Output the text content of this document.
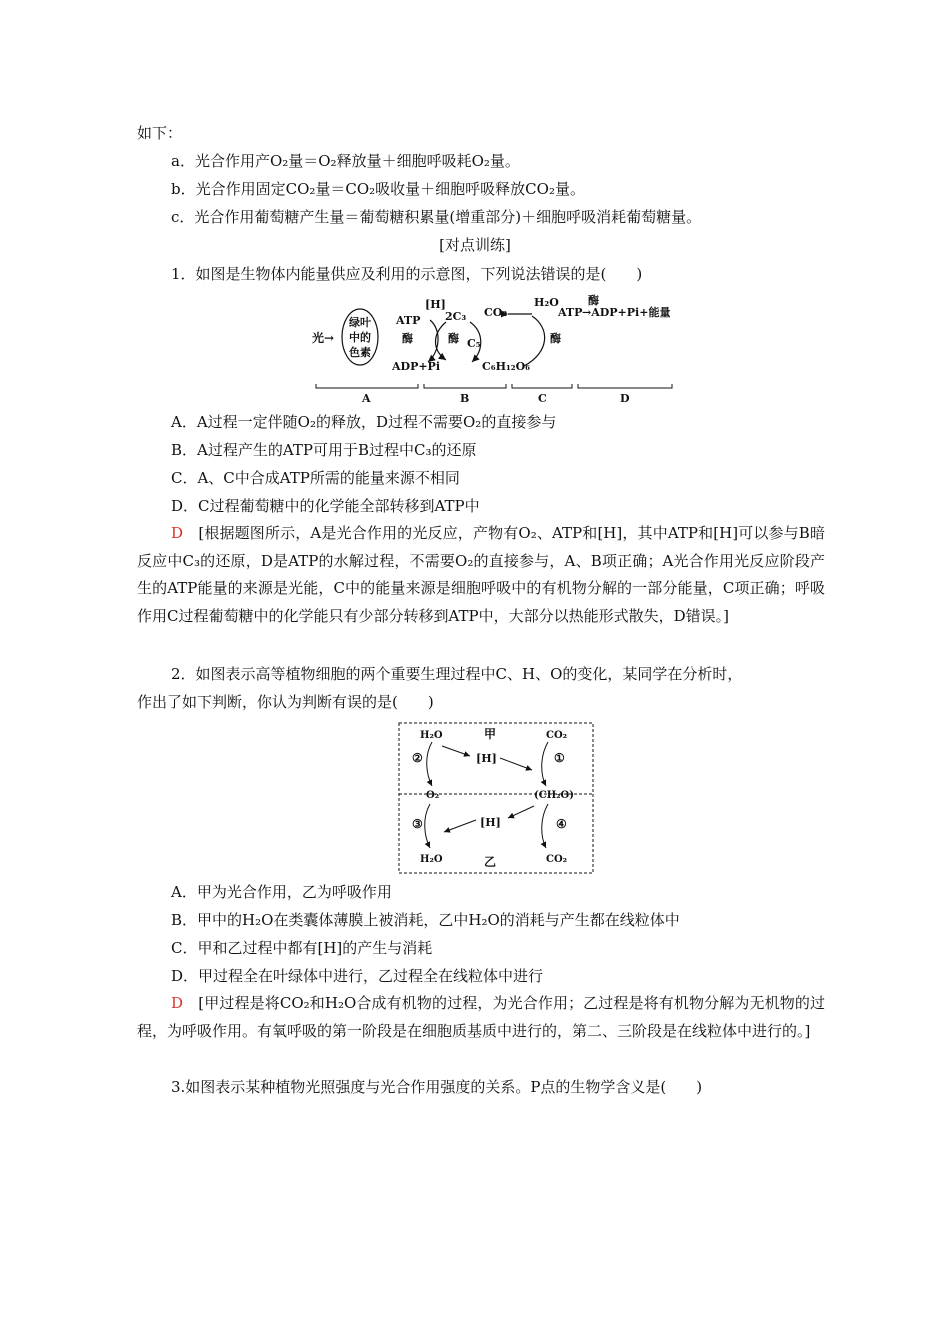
如下：
a．光合作用产O₂量＝O₂释放量＋细胞呼吸耗O₂量。
b．光合作用固定CO₂量＝CO₂吸收量＋细胞呼吸释放CO₂量。
c．光合作用葡萄糖产生量＝葡萄糖积累量(增重部分)＋细胞呼吸消耗葡萄糖量。
[对点训练]
1．如图是生物体内能量供应及利用的示意图，下列说法错误的是(　　)
光→
绿叶
中的
色素
ATP
酶
ADP+Pi
[H]
2C₃
酶 C₅
CO₂
C₆H₁₂O₆
H₂O
酶
ATP
酶
→ADP+Pi+能量
A	B	C	D
A．A过程一定伴随O₂的释放，D过程不需要O₂的直接参与
B．A过程产生的ATP可用于B过程中C₃的还原
C．A、C中合成ATP所需的能量来源不相同
D．C过程葡萄糖中的化学能全部转移到ATP中
D　 [根据题图所示，A是光合作用的光反应，产物有O₂、ATP和[H]，其中ATP和[H]可以参与B暗反应中C₃的还原，D是ATP的水解过程，不需要O₂的直接参与，A、B项正确；A光合作用光反应阶段产生的ATP能量的来源是光能，C中的能量来源是细胞呼吸中的有机物分解的一部分能量，C项正确；呼吸作用C过程葡萄糖中的化学能只有少部分转移到ATP中，大部分以热能形式散失，D错误。]
2．如图表示高等植物细胞的两个重要生理过程中C、H、O的变化，某同学在分析时，
作出了如下判断，你认为判断有误的是(　　)
甲
H₂O	CO₂
②	[H]	①
O₂	(CH₂O)
③	[H]	④
H₂O	乙	CO₂
A．甲为光合作用，乙为呼吸作用
B．甲中的H₂O在类囊体薄膜上被消耗，乙中H₂O的消耗与产生都在线粒体中
C．甲和乙过程中都有[H]的产生与消耗
D．甲过程全在叶绿体中进行，乙过程全在线粒体中进行
D　 [甲过程是将CO₂和H₂O合成有机物的过程，为光合作用；乙过程是将有机物分解为无机物的过程，为呼吸作用。有氧呼吸的第一阶段是在细胞质基质中进行的，第二、三阶段是在线粒体中进行的。]
3.如图表示某种植物光照强度与光合作用强度的关系。P点的生物学含义是(　　)
